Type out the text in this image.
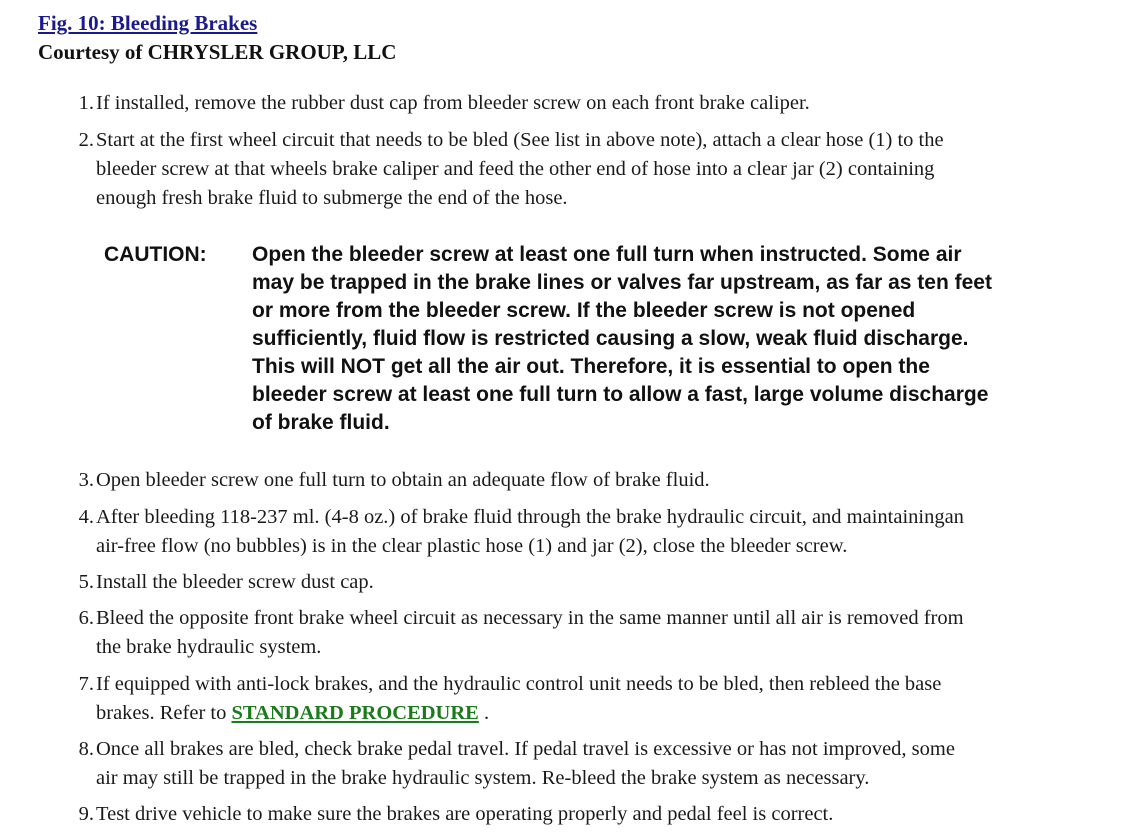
Fig. 10: Bleeding Brakes
Courtesy of CHRYSLER GROUP, LLC
1. If installed, remove the rubber dust cap from bleeder screw on each front brake caliper.
2. Start at the first wheel circuit that needs to be bled (See list in above note), attach a clear hose (1) to the
bleeder screw at that wheels brake caliper and feed the other end of hose into a clear jar (2) containing
enough fresh brake fluid to submerge the end of the hose.
3. Open bleeder screw one full turn to obtain an adequate flow of brake fluid.
4. After bleeding 118-237 ml. (4-8 oz.) of brake fluid through the brake hydraulic circuit, and maintainingan
air-free flow (no bubbles) is in the clear plastic hose (1) and jar (2), close the bleeder screw.
5. Install the bleeder screw dust cap.
6. Bleed the opposite front brake wheel circuit as necessary in the same manner until all air is removed from
the brake hydraulic system.
7. If equipped with anti-lock brakes, and the hydraulic control unit needs to be bled, then rebleed the base
brakes. Refer to STANDARD PROCEDURE .
8. Once all brakes are bled, check brake pedal travel. If pedal travel is excessive or has not improved, some
air may still be trapped in the brake hydraulic system. Re-bleed the brake system as necessary.
9. Test drive vehicle to make sure the brakes are operating properly and pedal feel is correct.
CAUTION: Open the bleeder screw at least one full turn when instructed. Some air
may be trapped in the brake lines or valves far upstream, as far as ten feet
or more from the bleeder screw. If the bleeder screw is not opened
sufficiently, fluid flow is restricted causing a slow, weak fluid discharge.
This will NOT get all the air out. Therefore, it is essential to open the
bleeder screw at least one full turn to allow a fast, large volume discharge
of brake fluid.
